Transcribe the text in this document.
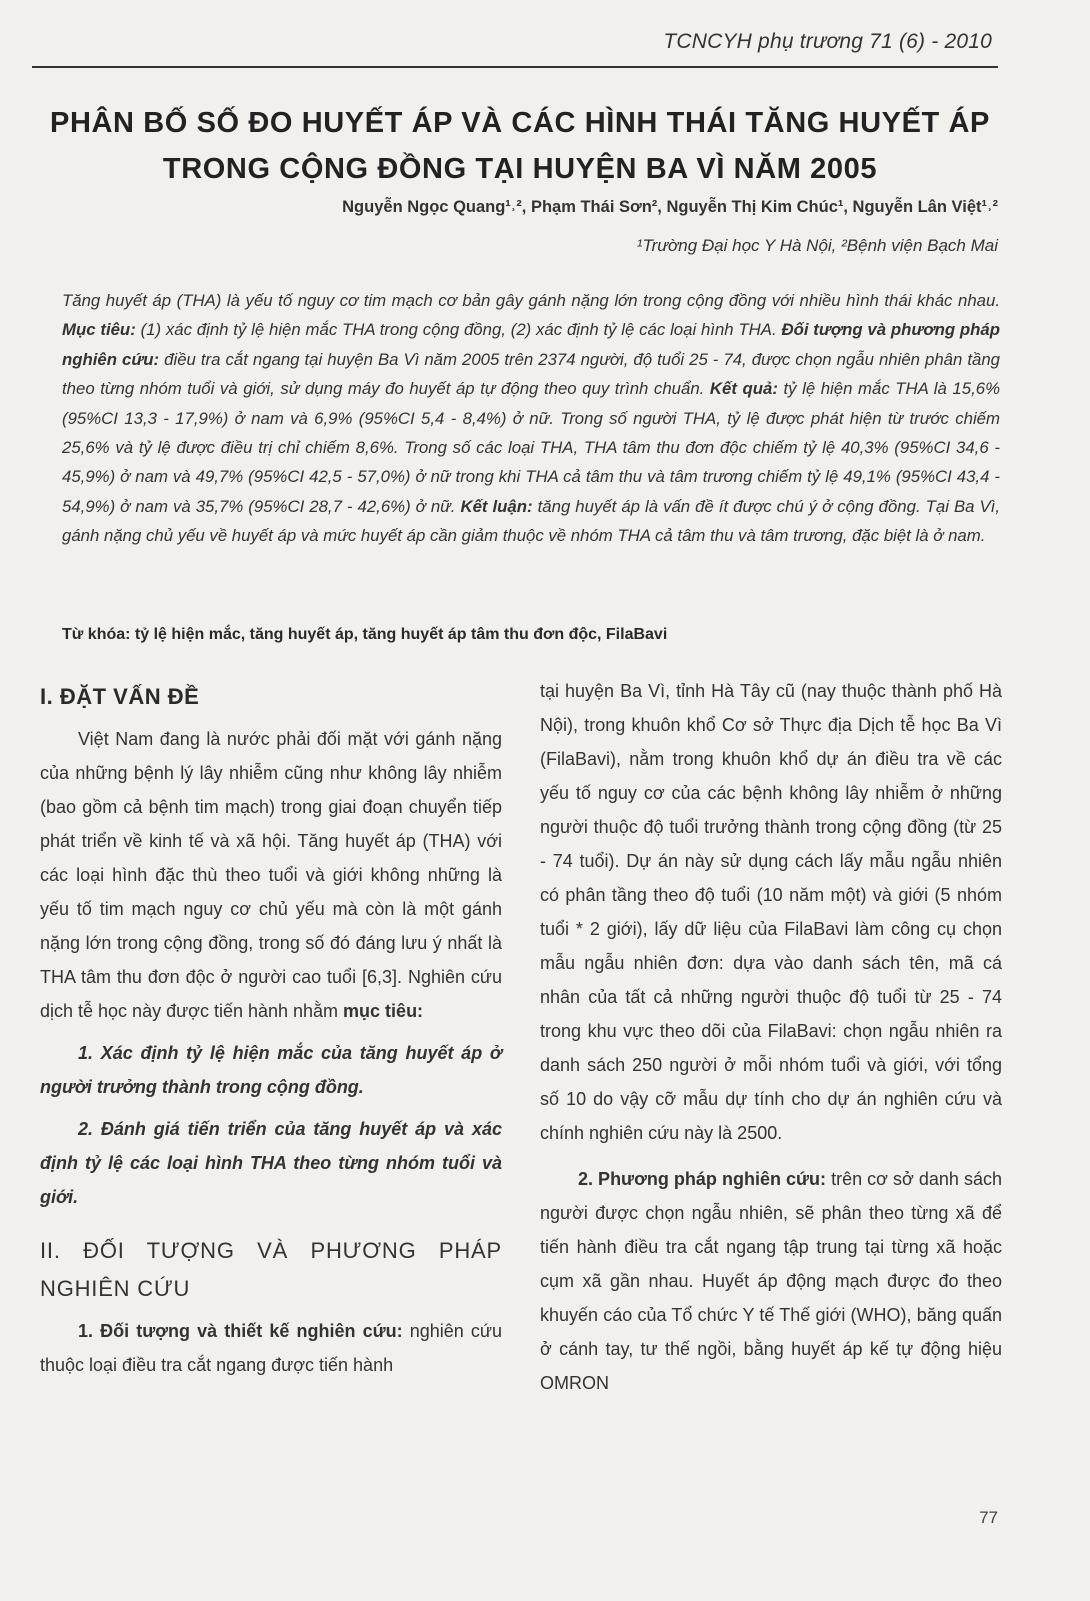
TCNCYH phụ trương 71 (6) - 2010
PHÂN BỐ SỐ ĐO HUYẾT ÁP VÀ CÁC HÌNH THÁI TĂNG HUYẾT ÁP
TRONG CỘNG ĐỒNG TẠI HUYỆN BA VÌ NĂM 2005
Nguyễn Ngọc Quang¹˒², Phạm Thái Sơn², Nguyễn Thị Kim Chúc¹, Nguyễn Lân Việt¹˒²
¹Trường Đại học Y Hà Nội, ²Bệnh viện Bạch Mai
Tăng huyết áp (THA) là yếu tố nguy cơ tim mạch cơ bản gây gánh nặng lớn trong cộng đồng với nhiều hình thái khác nhau. Mục tiêu: (1) xác định tỷ lệ hiện mắc THA trong cộng đồng, (2) xác định tỷ lệ các loại hình THA. Đối tượng và phương pháp nghiên cứu: điều tra cắt ngang tại huyện Ba Vì năm 2005 trên 2374 người, độ tuổi 25 - 74, được chọn ngẫu nhiên phân tầng theo từng nhóm tuổi và giới, sử dụng máy đo huyết áp tự động theo quy trình chuẩn. Kết quả: tỷ lệ hiện mắc THA là 15,6% (95%CI 13,3 - 17,9%) ở nam và 6,9% (95%CI 5,4 - 8,4%) ở nữ. Trong số người THA, tỷ lệ được phát hiện từ trước chiếm 25,6% và tỷ lệ được điều trị chỉ chiếm 8,6%. Trong số các loại THA, THA tâm thu đơn độc chiếm tỷ lệ 40,3% (95%CI 34,6 - 45,9%) ở nam và 49,7% (95%CI 42,5 - 57,0%) ở nữ trong khi THA cả tâm thu và tâm trương chiếm tỷ lệ 49,1% (95%CI 43,4 - 54,9%) ở nam và 35,7% (95%CI 28,7 - 42,6%) ở nữ. Kết luận: tăng huyết áp là vấn đề ít được chú ý ở cộng đồng. Tại Ba Vì, gánh nặng chủ yếu về huyết áp và mức huyết áp cần giảm thuộc về nhóm THA cả tâm thu và tâm trương, đặc biệt là ở nam.
Từ khóa: tỷ lệ hiện mắc, tăng huyết áp, tăng huyết áp tâm thu đơn độc, FilaBavi
I. ĐẶT VẤN ĐỀ

Việt Nam đang là nước phải đối mặt với gánh nặng của những bệnh lý lây nhiễm cũng như không lây nhiễm (bao gồm cả bệnh tim mạch) trong giai đoạn chuyển tiếp phát triển về kinh tế và xã hội. Tăng huyết áp (THA) với các loại hình đặc thù theo tuổi và giới không những là yếu tố tim mạch nguy cơ chủ yếu mà còn là một gánh nặng lớn trong cộng đồng, trong số đó đáng lưu ý nhất là THA tâm thu đơn độc ở người cao tuổi [6,3]. Nghiên cứu dịch tễ học này được tiến hành nhằm mục tiêu:

1. Xác định tỷ lệ hiện mắc của tăng huyết áp ở người trưởng thành trong cộng đồng.

2. Đánh giá tiến triển của tăng huyết áp và xác định tỷ lệ các loại hình THA theo từng nhóm tuổi và giới.

II. ĐỐI TƯỢNG VÀ PHƯƠNG PHÁP NGHIÊN CỨU

1. Đối tượng và thiết kế nghiên cứu: nghiên cứu thuộc loại điều tra cắt ngang được tiến hành

tại huyện Ba Vì, tỉnh Hà Tây cũ (nay thuộc thành phố Hà Nội), trong khuôn khổ Cơ sở Thực địa Dịch tễ học Ba Vì (FilaBavi), nằm trong khuôn khổ dự án điều tra về các yếu tố nguy cơ của các bệnh không lây nhiễm ở những người thuộc độ tuổi trưởng thành trong cộng đồng (từ 25 - 74 tuổi). Dự án này sử dụng cách lấy mẫu ngẫu nhiên có phân tầng theo độ tuổi (10 năm một) và giới (5 nhóm tuổi * 2 giới), lấy dữ liệu của FilaBavi làm công cụ chọn mẫu ngẫu nhiên đơn: dựa vào danh sách tên, mã cá nhân của tất cả những người thuộc độ tuổi từ 25 - 74 trong khu vực theo dõi của FilaBavi: chọn ngẫu nhiên ra danh sách 250 người ở mỗi nhóm tuổi và giới, với tổng số 10 do vậy cỡ mẫu dự tính cho dự án nghiên cứu và chính nghiên cứu này là 2500.

2. Phương pháp nghiên cứu: trên cơ sở danh sách người được chọn ngẫu nhiên, sẽ phân theo từng xã để tiến hành điều tra cắt ngang tập trung tại từng xã hoặc cụm xã gần nhau. Huyết áp động mạch được đo theo khuyến cáo của Tổ chức Y tế Thế giới (WHO), băng quấn ở cánh tay, tư thế ngồi, bằng huyết áp kế tự động hiệu OMRON

77
